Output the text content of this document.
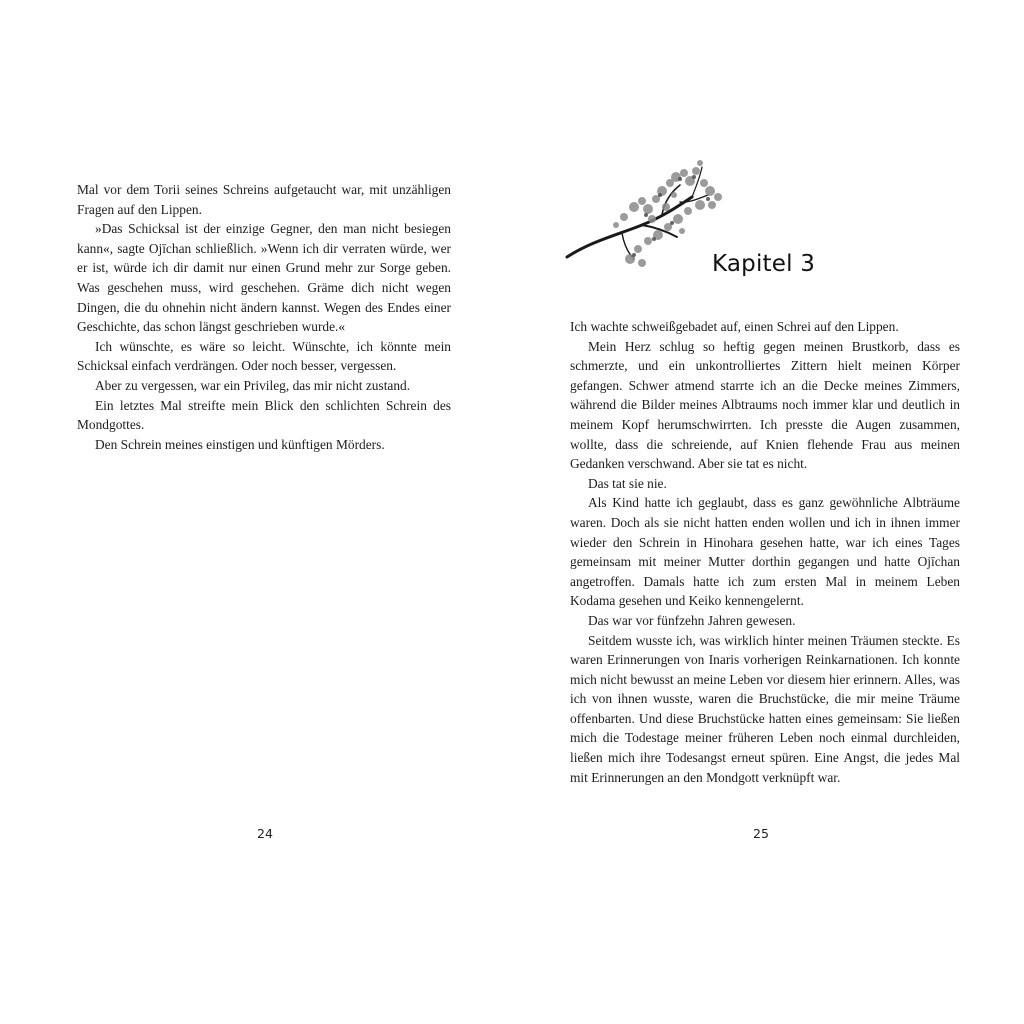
Mal vor dem Torii seines Schreins aufgetaucht war, mit unzähligen Fragen auf den Lippen.

»Das Schicksal ist der einzige Gegner, den man nicht besiegen kann«, sagte Ojīchan schließlich. »Wenn ich dir verraten würde, wer er ist, würde ich dir damit nur einen Grund mehr zur Sorge geben. Was geschehen muss, wird geschehen. Gräme dich nicht wegen Dingen, die du ohnehin nicht ändern kannst. Wegen des Endes einer Geschichte, das schon längst geschrieben wurde.«

Ich wünschte, es wäre so leicht. Wünschte, ich könnte mein Schicksal einfach verdrängen. Oder noch besser, vergessen.

Aber zu vergessen, war ein Privileg, das mir nicht zustand.

Ein letztes Mal streifte mein Blick den schlichten Schrein des Mondgottes.

Den Schrein meines einstigen und künftigen Mörders.

24
Kapitel 3

Ich wachte schweißgebadet auf, einen Schrei auf den Lippen.

Mein Herz schlug so heftig gegen meinen Brustkorb, dass es schmerzte, und ein unkontrolliertes Zittern hielt meinen Körper gefangen. Schwer atmend starrte ich an die Decke meines Zimmers, während die Bilder meines Albtraums noch immer klar und deutlich in meinem Kopf herumschwirrten. Ich presste die Augen zusammen, wollte, dass die schreiende, auf Knien flehende Frau aus meinen Gedanken verschwand. Aber sie tat es nicht.

Das tat sie nie.

Als Kind hatte ich geglaubt, dass es ganz gewöhnliche Albträume waren. Doch als sie nicht hatten enden wollen und ich in ihnen immer wieder den Schrein in Hinohara gesehen hatte, war ich eines Tages gemeinsam mit meiner Mutter dorthin gegangen und hatte Ojīchan angetroffen. Damals hatte ich zum ersten Mal in meinem Leben Kodama gesehen und Keiko kennengelernt.

Das war vor fünfzehn Jahren gewesen.

Seitdem wusste ich, was wirklich hinter meinen Träumen steckte. Es waren Erinnerungen von Inaris vorherigen Reinkarnationen. Ich konnte mich nicht bewusst an meine Leben vor diesem hier erinnern. Alles, was ich von ihnen wusste, waren die Bruchstücke, die mir meine Träume offenbarten. Und diese Bruchstücke hatten eines gemeinsam: Sie ließen mich die Todestage meiner früheren Leben noch einmal durchleiden, ließen mich ihre Todesangst erneut spüren. Eine Angst, die jedes Mal mit Erinnerungen an den Mondgott verknüpft war.

25
